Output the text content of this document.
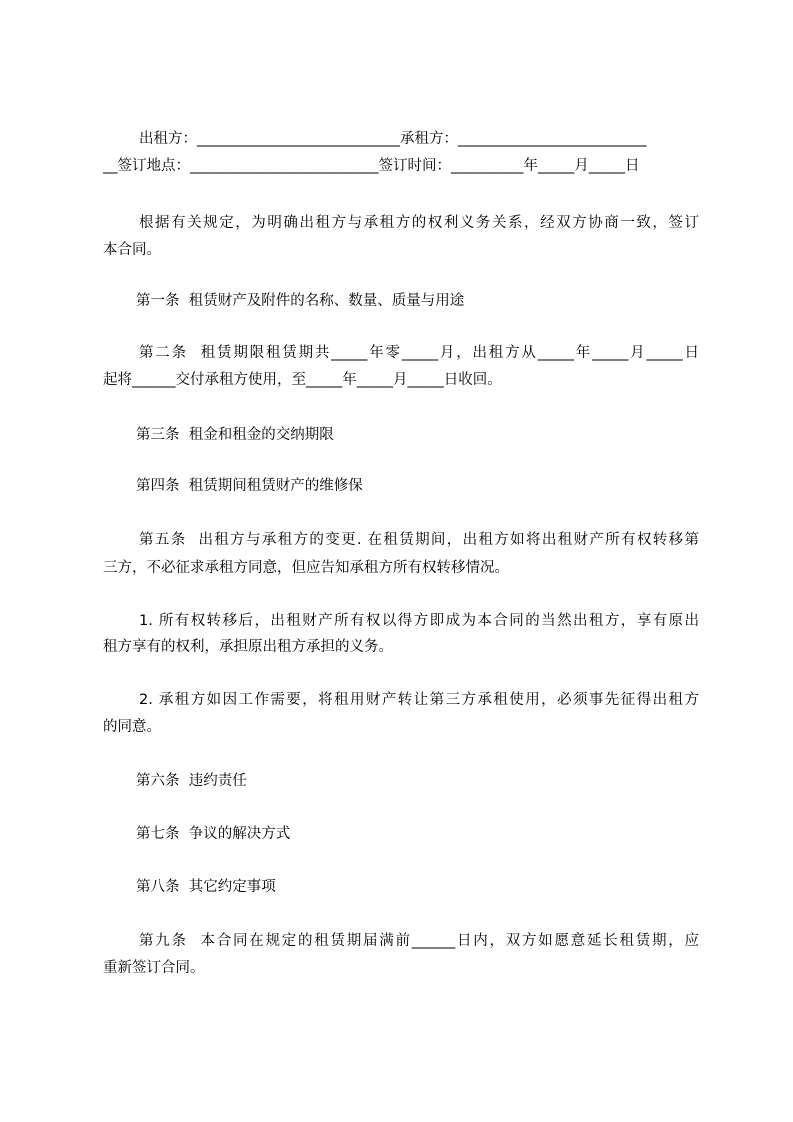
出租方：____________________________承租方：__________________________
__签订地点：__________________________签订时间：__________年_____月_____日
根据有关规定，为明确出租方与承租方的权利义务关系，经双方协商一致，签订
本合同。
第一条  租赁财产及附件的名称、数量、质量与用途
第二条  租赁期限租赁期共_____年零_____月，出租方从_____年_____月_____日
起将______交付承租方使用，至_____年_____月_____日收回。
第三条  租金和租金的交纳期限
第四条  租赁期间租赁财产的维修保
第五条  出租方与承租方的变更. 在租赁期间，出租方如将出租财产所有权转移第
三方，不必征求承租方同意，但应告知承租方所有权转移情况。
1. 所有权转移后，出租财产所有权以得方即成为本合同的当然出租方，享有原出
租方享有的权利，承担原出租方承担的义务。
2. 承租方如因工作需要，将租用财产转让第三方承租使用，必须事先征得出租方
的同意。
第六条  违约责任
第七条  争议的解决方式
第八条  其它约定事项
第九条  本合同在规定的租赁期届满前______日内，双方如愿意延长租赁期，应
重新签订合同。
